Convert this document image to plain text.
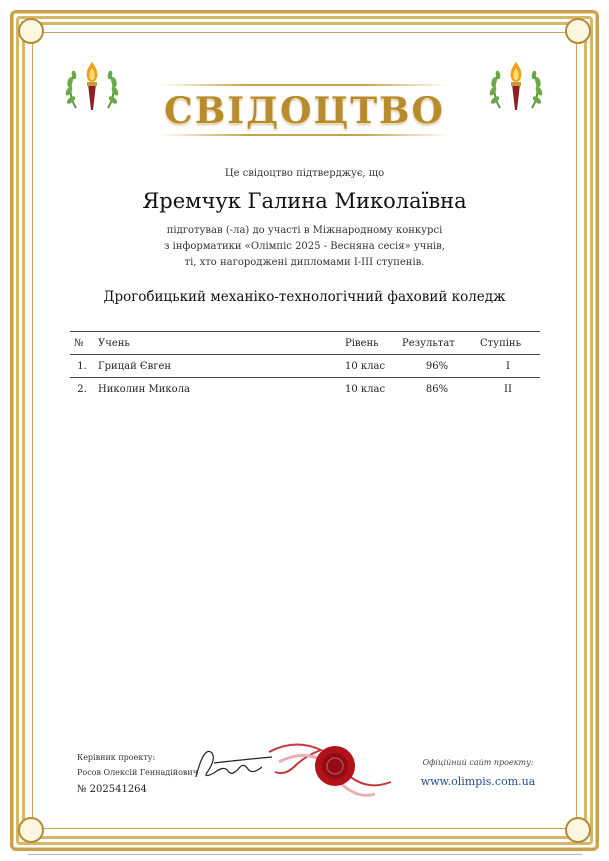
СВІДОЦТВО
Це свідоцтво підтверджує, що
Яремчук Галина Миколаївна
підготував (-ла) до участі в Міжнародному конкурсі
з інформатики «Олімпіс 2025 - Весняна сесія» учнів,
ті, хто нагороджені дипломами I-III ступенів.
Дрогобицький механіко-технологічний фаховий коледж
№	Учень	Рівень	Результат	Ступінь
1.	Грицай Євген	10 клас	96%	I
2.	Николин Микола	10 клас	86%	II
Керівник проекту:
Росов Олексій Геннадійович
№ 202541264
Офіційний сайт проекту:
www.olimpis.com.ua
